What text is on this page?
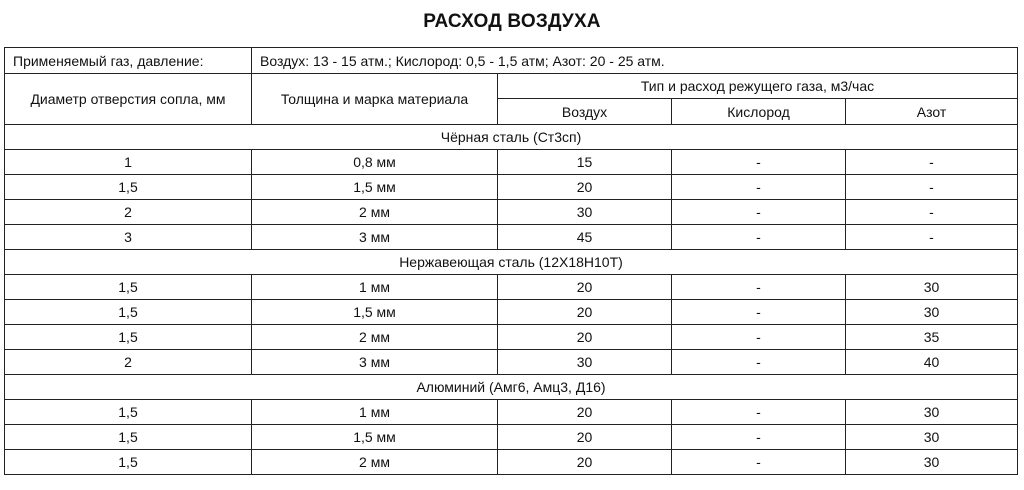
РАСХОД ВОЗДУХА
Применяемый газ, давление:	Воздух: 13 - 15 атм.; Кислород: 0,5 - 1,5 атм; Азот: 20 - 25 атм.			
Диаметр отверстия сопла, мм	Толщина и марка материала	Тип и расход режущего газа, м3/час		
		Воздух	Кислород	Азот
Чёрная сталь (Ст3сп)				
1	0,8 мм	15	-	-
1,5	1,5 мм	20	-	-
2	2 мм	30	-	-
3	3 мм	45	-	-
Нержавеющая сталь (12Х18Н10Т)				
1,5	1 мм	20	-	30
1,5	1,5 мм	20	-	30
1,5	2 мм	20	-	35
2	3 мм	30	-	40
Алюминий (Амг6, Амц3, Д16)				
1,5	1 мм	20	-	30
1,5	1,5 мм	20	-	30
1,5	2 мм	20	-	30
